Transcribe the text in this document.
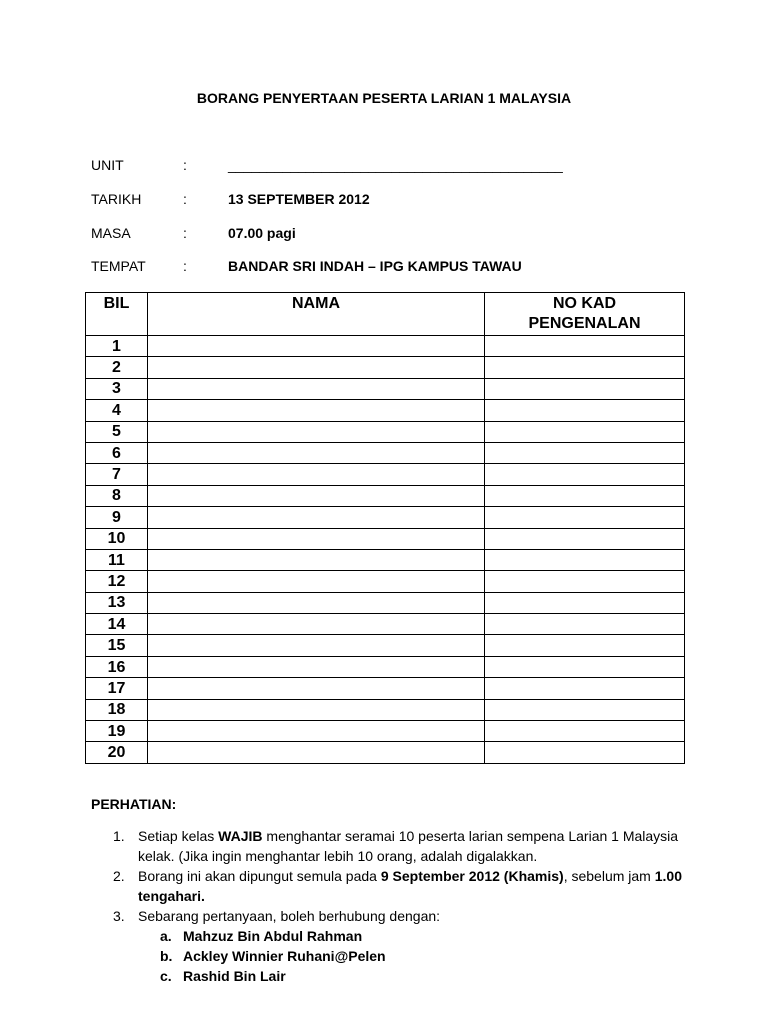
BORANG PENYERTAAN PESERTA LARIAN 1 MALAYSIA
UNIT	:	___________________________________________
TARIKH	:	13 SEPTEMBER 2012
MASA	:	07.00 pagi
TEMPAT	:	BANDAR SRI INDAH – IPG KAMPUS TAWAU
BIL	NAMA	NO KAD
PENGENALAN
1		
2		
3		
4		
5		
6		
7		
8		
9		
10		
11		
12		
13		
14		
15		
16		
17		
18		
19		
20		
PERHATIAN:
1. Setiap kelas WAJIB menghantar seramai 10 peserta larian sempena Larian 1 Malaysia kelak. (Jika ingin menghantar lebih 10 orang, adalah digalakkan.
2. Borang ini akan dipungut semula pada 9 September 2012 (Khamis), sebelum jam 1.00 tengahari.
3. Sebarang pertanyaan, boleh berhubung dengan:
a. Mahzuz Bin Abdul Rahman
b. Ackley Winnier Ruhani@Pelen
c. Rashid Bin Lair
